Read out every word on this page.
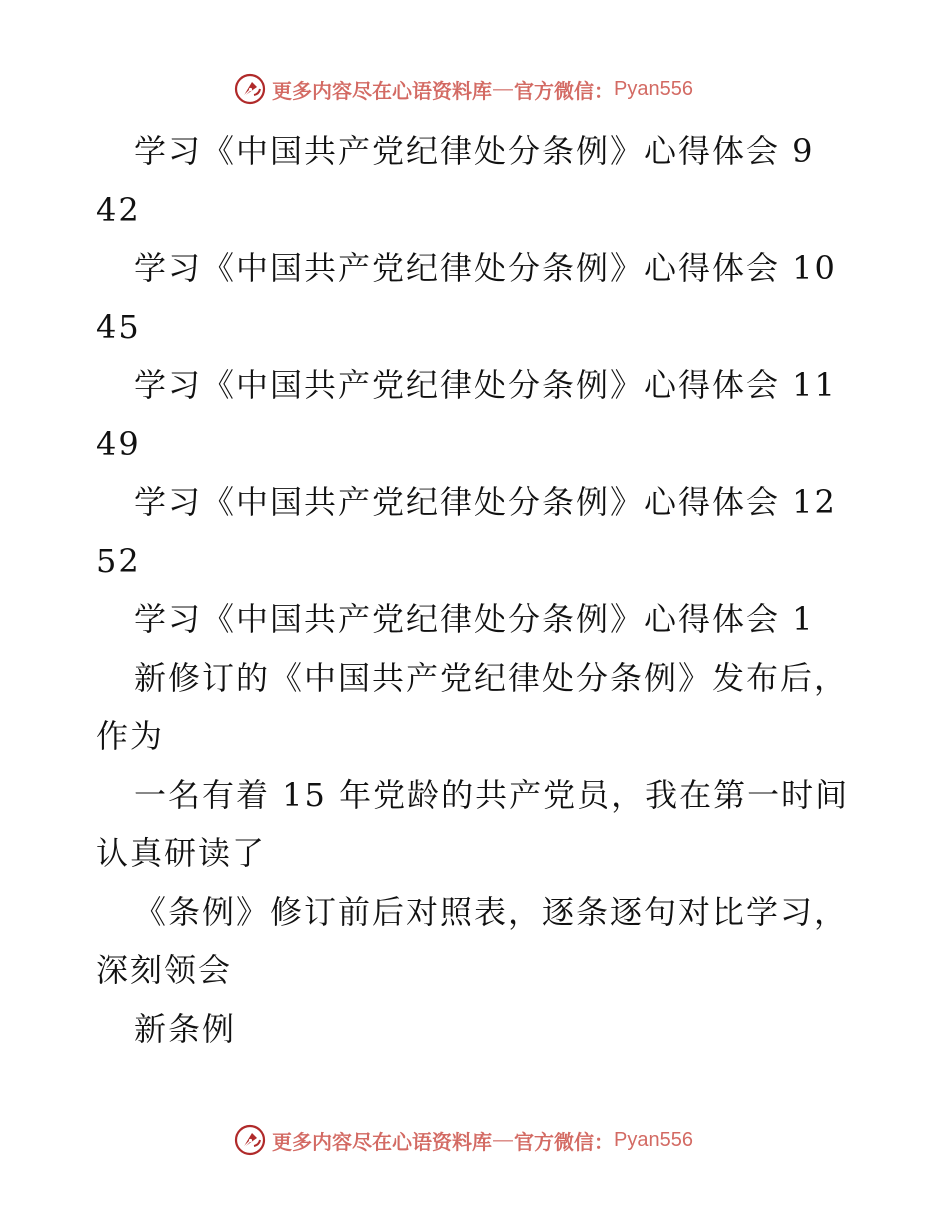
更多内容尽在心语资料库 — 官方微信： Pyan556
学习《中国共产党纪律处分条例》心得体会 9
42
学习《中国共产党纪律处分条例》心得体会 10
45
学习《中国共产党纪律处分条例》心得体会 11
49
学习《中国共产党纪律处分条例》心得体会 12
52
学习《中国共产党纪律处分条例》心得体会 1
新修订的《中国共产党纪律处分条例》发布后，
作为
一名有着 15 年党龄的共产党员，我在第一时间
认真研读了
《条例》修订前后对照表，逐条逐句对比学习，
深刻领会
新条例
更多内容尽在心语资料库 — 官方微信： Pyan556
